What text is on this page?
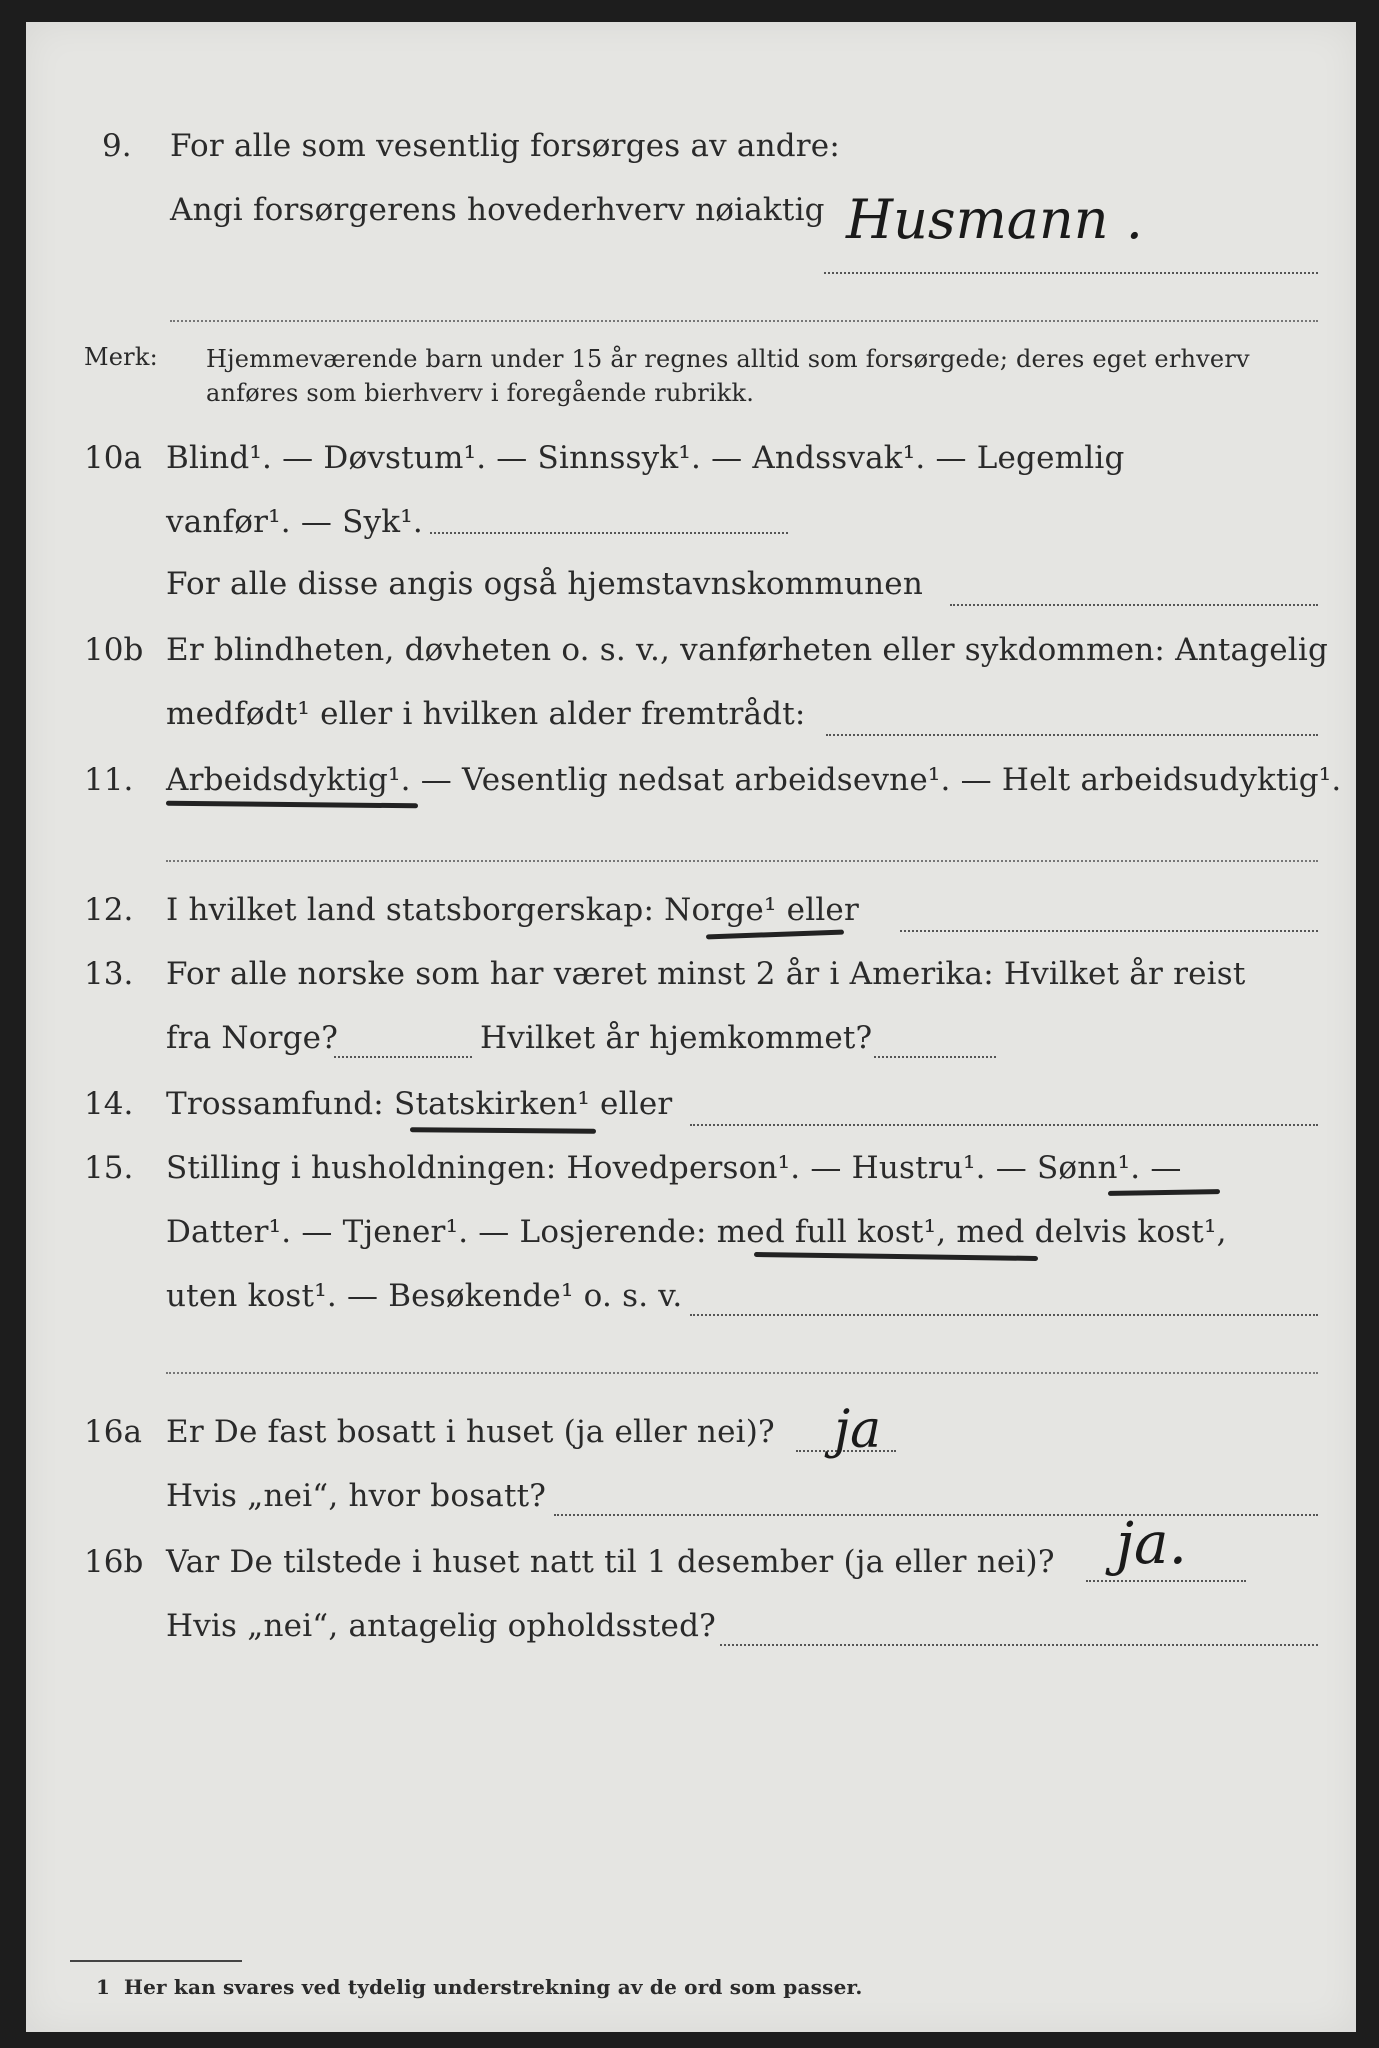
9. For alle som vesentlig forsørges av andre:
Angi forsørgerens hovederhverv nøiaktig Husmann .
Merk: Hjemmeværende barn under 15 år regnes alltid som forsørgede; deres eget erhverv
anføres som bierhverv i foregående rubrikk.
10a Blind¹. — Døvstum¹. — Sinnssyk¹. — Andssvak¹. — Legemlig
vanfør¹. — Syk¹.
For alle disse angis også hjemstavnskommunen
10b Er blindheten, døvheten o. s. v., vanførheten eller sykdommen: Antagelig
medfødt¹ eller i hvilken alder fremtrådt:
11. Arbeidsdyktig¹. — Vesentlig nedsat arbeidsevne¹. — Helt arbeidsudyktig¹.
12. I hvilket land statsborgerskap: Norge¹ eller
13. For alle norske som har været minst 2 år i Amerika: Hvilket år reist
fra Norge?	Hvilket år hjemkommet?
14. Trossamfund: Statskirken¹ eller
15. Stilling i husholdningen: Hovedperson¹. — Hustru¹. — Sønn¹. —
Datter¹. — Tjener¹. — Losjerende: med full kost¹, med delvis kost¹,
uten kost¹. — Besøkende¹ o. s. v.
16a Er De fast bosatt i huset (ja eller nei)? ja
Hvis „nei“, hvor bosatt?
16b Var De tilstede i huset natt til 1 desember (ja eller nei)? ja.
Hvis „nei“, antagelig opholdssted?
1 Her kan svares ved tydelig understrekning av de ord som passer.
